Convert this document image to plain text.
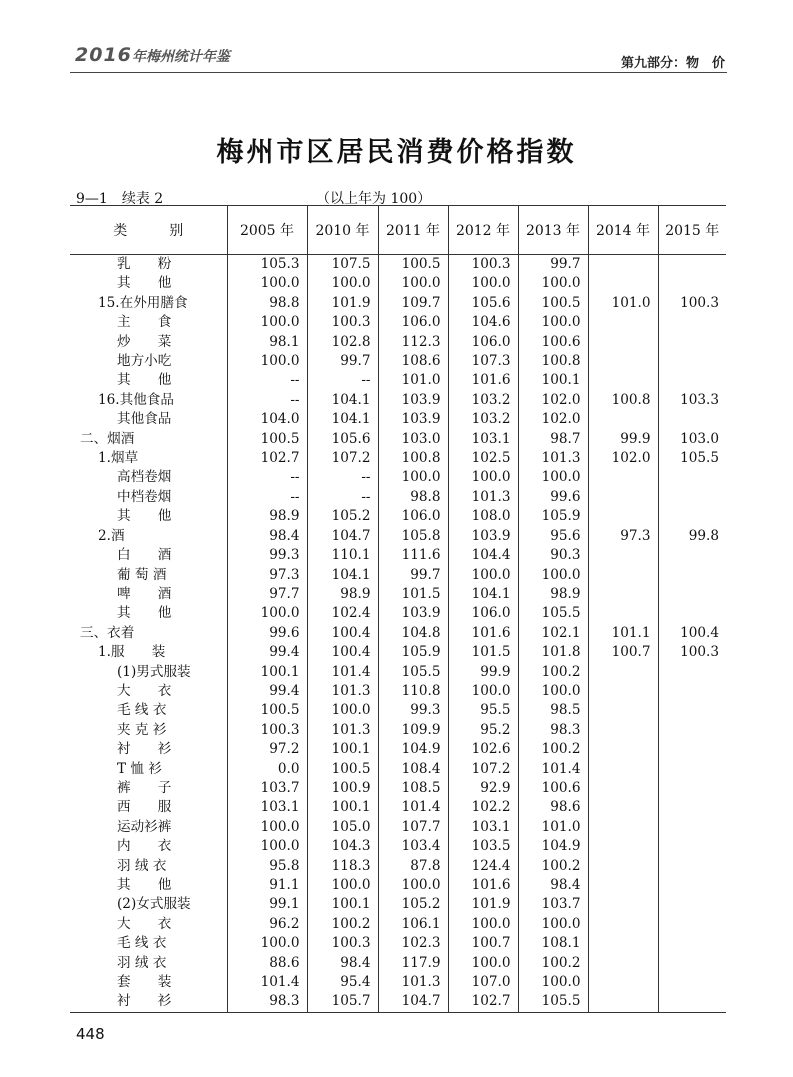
2016年梅州统计年鉴	第九部分：物　价
梅州市区居民消费价格指数
9—1　续表 2	（以上年为 100）
类　　　别	2005 年	2010 年	2011 年	2012 年	2013 年	2014 年	2015 年
乳　　粉	105.3	107.5	100.5	100.3	99.7		
其　　他	100.0	100.0	100.0	100.0	100.0		
15.在外用膳食	98.8	101.9	109.7	105.6	100.5	101.0	100.3
主　　食	100.0	100.3	106.0	104.6	100.0		
炒　　菜	98.1	102.8	112.3	106.0	100.6		
地方小吃	100.0	99.7	108.6	107.3	100.8		
其　　他	--	--	101.0	101.6	100.1		
16.其他食品	--	104.1	103.9	103.2	102.0	100.8	103.3
其他食品	104.0	104.1	103.9	103.2	102.0		
二、烟酒	100.5	105.6	103.0	103.1	98.7	99.9	103.0
1.烟草	102.7	107.2	100.8	102.5	101.3	102.0	105.5
高档卷烟	--	--	100.0	100.0	100.0		
中档卷烟	--	--	98.8	101.3	99.6		
其　　他	98.9	105.2	106.0	108.0	105.9		
2.酒	98.4	104.7	105.8	103.9	95.6	97.3	99.8
白　　酒	99.3	110.1	111.6	104.4	90.3		
葡 萄 酒	97.3	104.1	99.7	100.0	100.0		
啤　　酒	97.7	98.9	101.5	104.1	98.9		
其　　他	100.0	102.4	103.9	106.0	105.5		
三、衣着	99.6	100.4	104.8	101.6	102.1	101.1	100.4
1.服　　装	99.4	100.4	105.9	101.5	101.8	100.7	100.3
(1)男式服装	100.1	101.4	105.5	99.9	100.2		
大　　衣	99.4	101.3	110.8	100.0	100.0		
毛 线 衣	100.5	100.0	99.3	95.5	98.5		
夹 克 衫	100.3	101.3	109.9	95.2	98.3		
衬　　衫	97.2	100.1	104.9	102.6	100.2		
T 恤 衫	0.0	100.5	108.4	107.2	101.4		
裤　　子	103.7	100.9	108.5	92.9	100.6		
西　　服	103.1	100.1	101.4	102.2	98.6		
运动衫裤	100.0	105.0	107.7	103.1	101.0		
内　　衣	100.0	104.3	103.4	103.5	104.9		
羽 绒 衣	95.8	118.3	87.8	124.4	100.2		
其　　他	91.1	100.0	100.0	101.6	98.4		
(2)女式服装	99.1	100.1	105.2	101.9	103.7		
大　　衣	96.2	100.2	106.1	100.0	100.0		
毛 线 衣	100.0	100.3	102.3	100.7	108.1		
羽 绒 衣	88.6	98.4	117.9	100.0	100.2		
套　　装	101.4	95.4	101.3	107.0	100.0		
衬　　衫	98.3	105.7	104.7	102.7	105.5		
448
